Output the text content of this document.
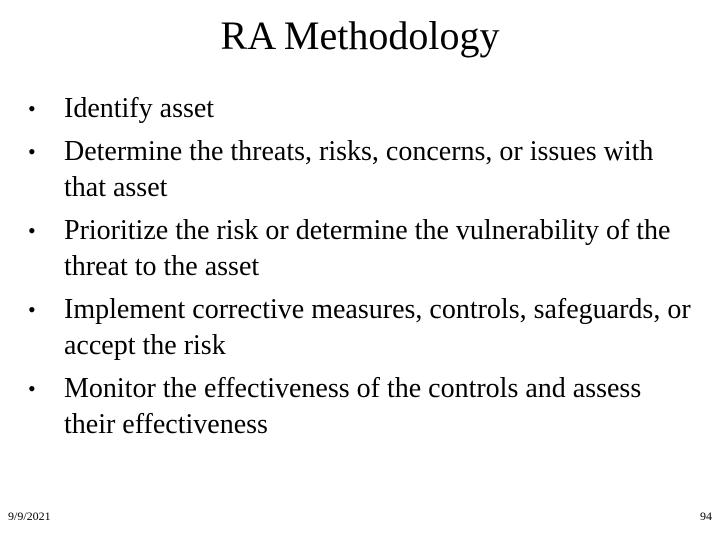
RA Methodology
• Identify asset
• Determine the threats, risks, concerns, or issues with that asset
• Prioritize the risk or determine the vulnerability of the threat to the asset
• Implement corrective measures, controls, safeguards, or accept the risk
• Monitor the effectiveness of the controls and assess their effectiveness
9/9/2021	94
